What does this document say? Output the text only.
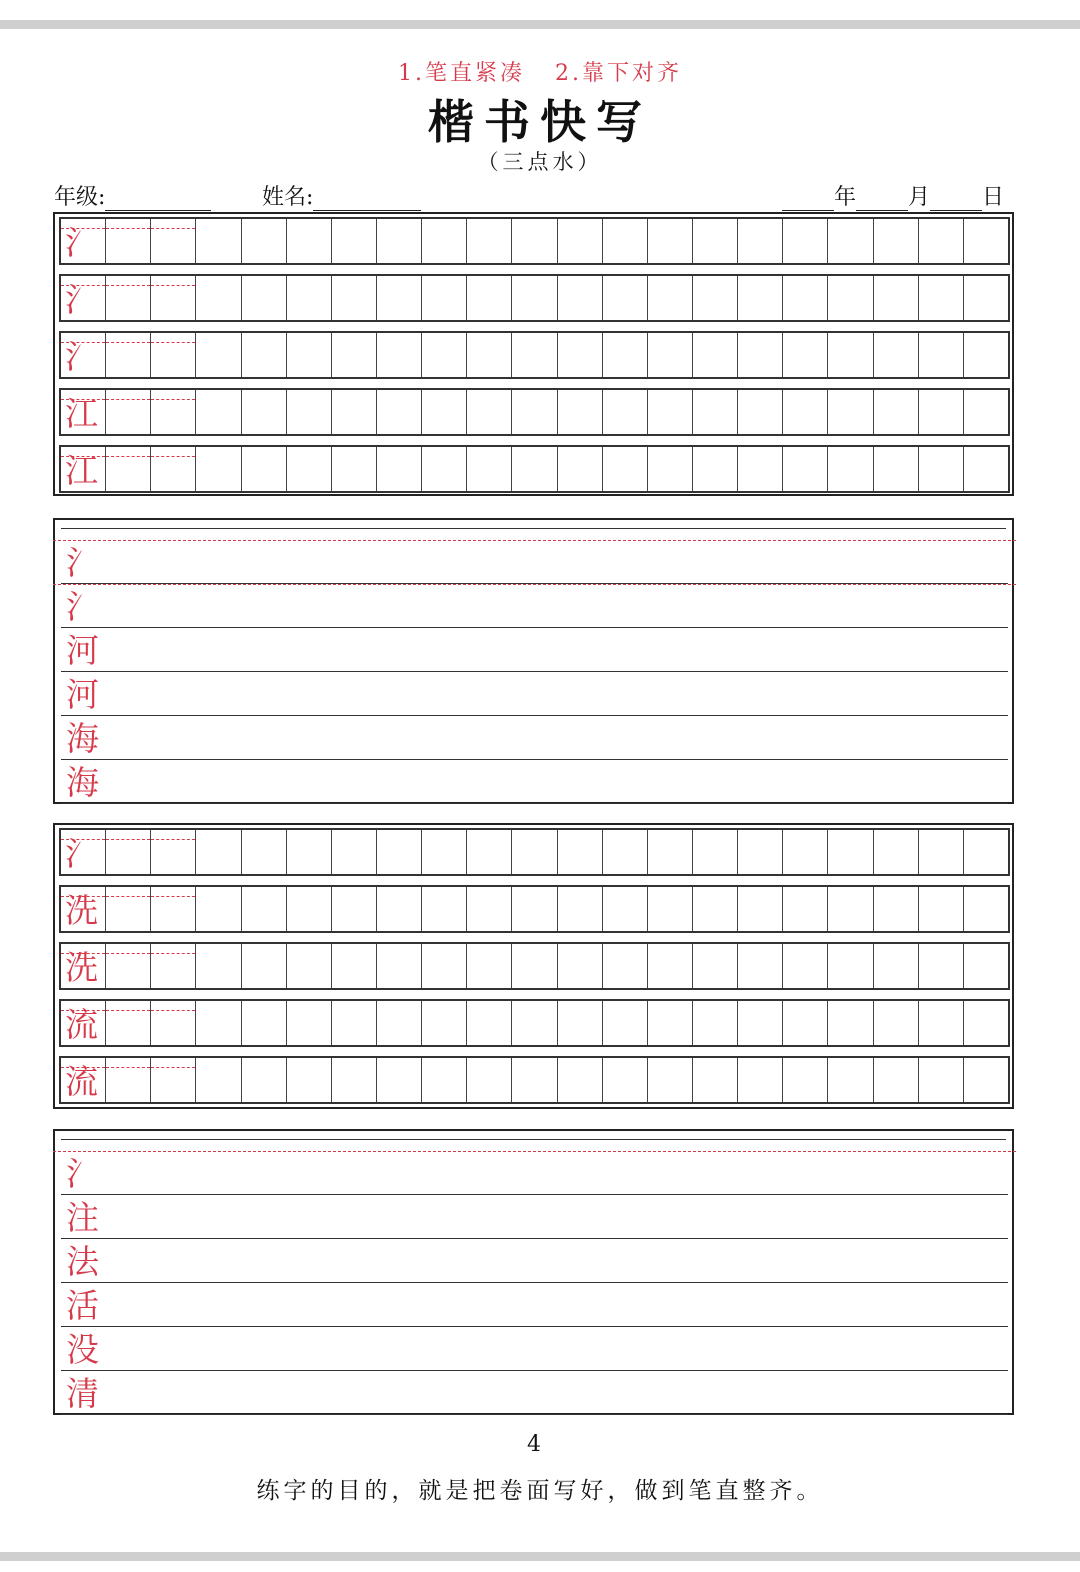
1.笔直紧凑   2.靠下对齐
楷书快写
（三点水）
年级:	姓名:	年 月 日
氵
氵
氵
江
江
氵
氵
河
河
海
海
氵
洗
洗
流
流
氵
注
法
活
没
清
4
练字的目的，就是把卷面写好，做到笔直整齐。
